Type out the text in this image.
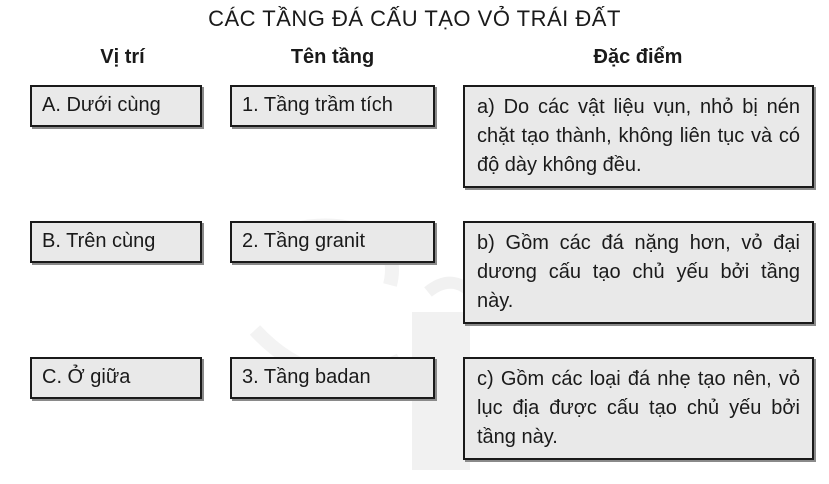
CÁC TẦNG ĐÁ CẤU TẠO VỎ TRÁI ĐẤT
Vị trí	Tên tầng	Đặc điểm
A. Dưới cùng	1. Tầng trầm tích	a) Do các vật liệu vụn, nhỏ bị nén chặt tạo thành, không liên tục và có độ dày không đều.
B. Trên cùng	2. Tầng granit	b) Gồm các đá nặng hơn, vỏ đại dương cấu tạo chủ yếu bởi tầng này.
C. Ở giữa	3. Tầng badan	c) Gồm các loại đá nhẹ tạo nên, vỏ lục địa được cấu tạo chủ yếu bởi tầng này.
